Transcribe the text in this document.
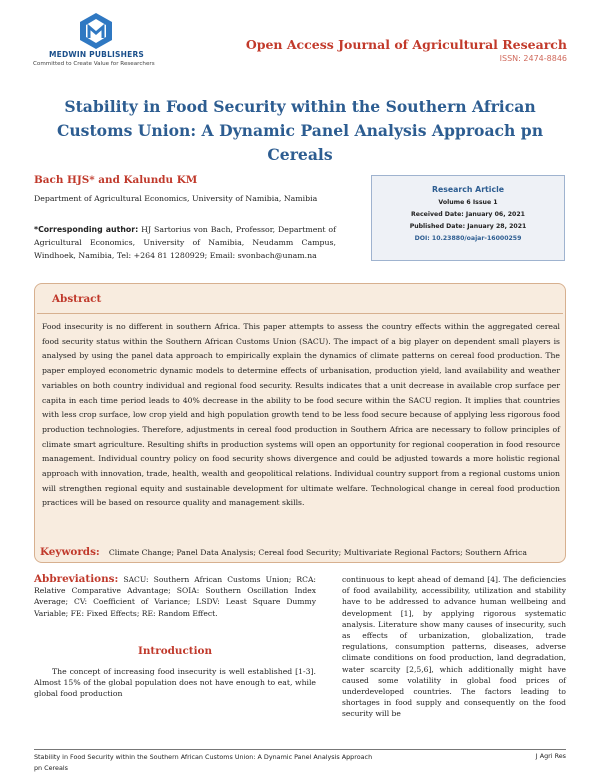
MEDWIN PUBLISHERS
Committed to Create Value for Researchers
Open Access Journal of Agricultural Research
ISSN: 2474-8846
Stability in Food Security within the Southern African Customs Union: A Dynamic Panel Analysis Approach pn Cereals
Bach HJS* and Kalundu KM
Department of Agricultural Economics, University of Namibia, Namibia
*Corresponding author: HJ Sartorius von Bach, Professor, Department of Agricultural Economics, University of Namibia, Neudamm Campus, Windhoek, Namibia, Tel: +264 81 1280929; Email: svonbach@unam.na
Research Article
Volume 6 Issue 1
Received Date: January 06, 2021
Published Date: January 28, 2021
DOI: 10.23880/oajar-16000259
Abstract

Food insecurity is no different in southern Africa. This paper attempts to assess the country effects within the aggregated cereal food security status within the Southern African Customs Union (SACU). The impact of a big player on dependent small players is analysed by using the panel data approach to empirically explain the dynamics of climate patterns on cereal food production. The paper employed econometric dynamic models to determine effects of urbanisation, production yield, land availability and weather variables on both country individual and regional food security. Results indicates that a unit decrease in available crop surface per capita in each time period leads to 40% decrease in the ability to be food secure within the SACU region. It implies that countries with less crop surface, low crop yield and high population growth tend to be less food secure because of applying less rigorous food production technologies. Therefore, adjustments in cereal food production in Southern Africa are necessary to follow principles of climate smart agriculture. Resulting shifts in production systems will open an opportunity for regional cooperation in food resource management. Individual country policy on food security shows divergence and could be adjusted towards a more holistic regional approach with innovation, trade, health, wealth and geopolitical relations. Individual country support from a regional customs union will strengthen regional equity and sustainable development for ultimate welfare. Technological change in cereal food production practices will be based on resource quality and management skills.

Keywords: Climate Change; Panel Data Analysis; Cereal food Security; Multivariate Regional Factors; Southern Africa

Abbreviations: SACU: Southern African Customs Union; RCA: Relative Comparative Advantage; SOIA: Southern Oscillation Index Average; CV: Coefficient of Variance; LSDV: Least Square Dummy Variable; FE: Fixed Effects; RE: Random Effect.

Introduction

The concept of increasing food insecurity is well established [1-3]. Almost 15% of the global population does not have enough to eat, while global food production

continuous to kept ahead of demand [4]. The deficiencies of food availability, accessibility, utilization and stability have to be addressed to advance human wellbeing and development [1], by applying rigorous systematic analysis. Literature show many causes of insecurity, such as effects of urbanization, globalization, trade regulations, consumption patterns, diseases, adverse climate conditions on food production, land degradation, water scarcity [2,5,6], which additionally might have caused some volatility in global food prices of underdeveloped countries. The factors leading to shortages in food supply and consequently on the food security will be

Stability in Food Security within the Southern African Customs Union: A Dynamic Panel Analysis Approach pn Cereals
J Agri Res
